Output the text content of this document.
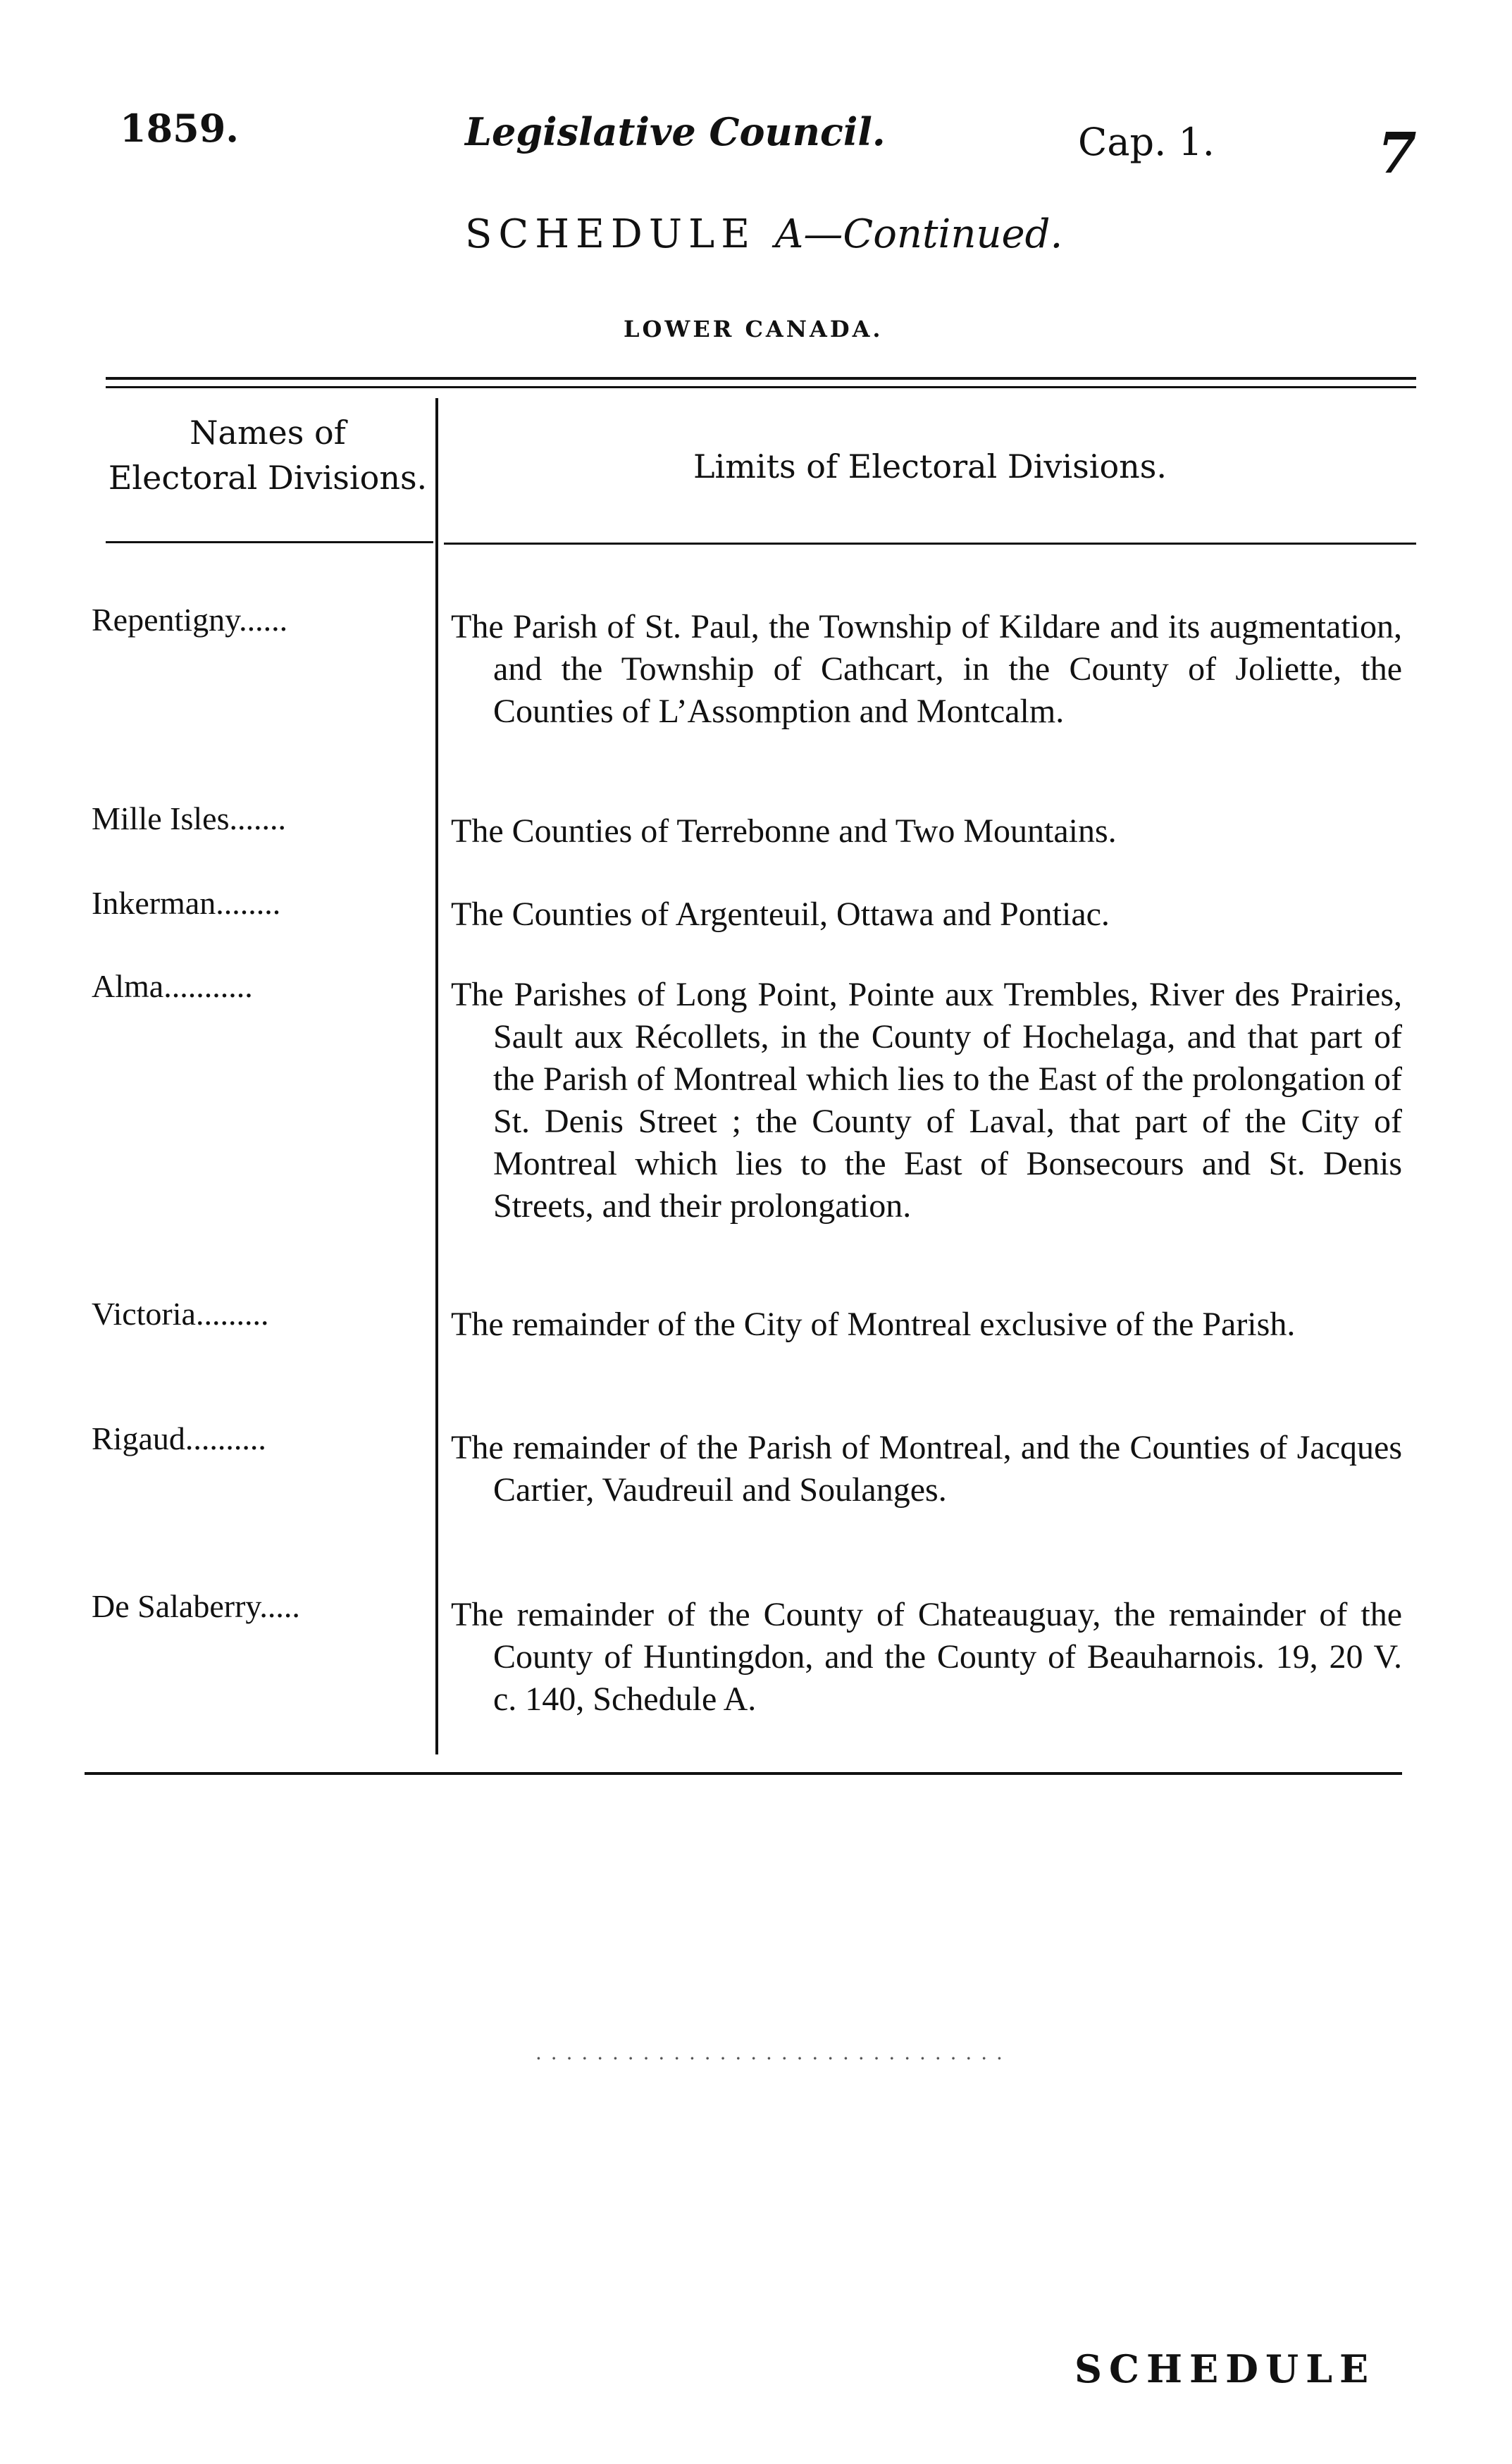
1859.	Legislative Council.	Cap. 1.	7
SCHEDULE A—Continued.
LOWER CANADA.
Names of
Electoral Divisions.	Limits of Electoral Divisions.
Repentigny......	The Parish of St. Paul, the Township of Kildare and its augmentation, and the Township of Cathcart, in the County of Joliette, the Counties of L’Assomption and Montcalm.

Mille Isles.......	The Counties of Terrebonne and Two Mountains.

Inkerman........	The Counties of Argenteuil, Ottawa and Pontiac.

Alma...........	The Parishes of Long Point, Pointe aux Trembles, River des Prairies, Sault aux Récollets, in the County of Hochelaga, and that part of the Parish of Montreal which lies to the East of the prolongation of St. Denis Street ; the County of Laval, that part of the City of Montreal which lies to the East of Bonsecours and St. Denis Streets, and their prolongation.

Victoria.........	The remainder of the City of Montreal exclusive of the Parish.

Rigaud..........	The remainder of the Parish of Montreal, and the Counties of Jacques Cartier, Vaudreuil and Soulanges.

De Salaberry.....	The remainder of the County of Chateauguay, the remainder of the County of Huntingdon, and the County of Beauharnois. 19, 20 V. c. 140, Schedule A.

· · · · · · · · · · · · · · · · · · · · · · · · · · · · · · ·
SCHEDULE
